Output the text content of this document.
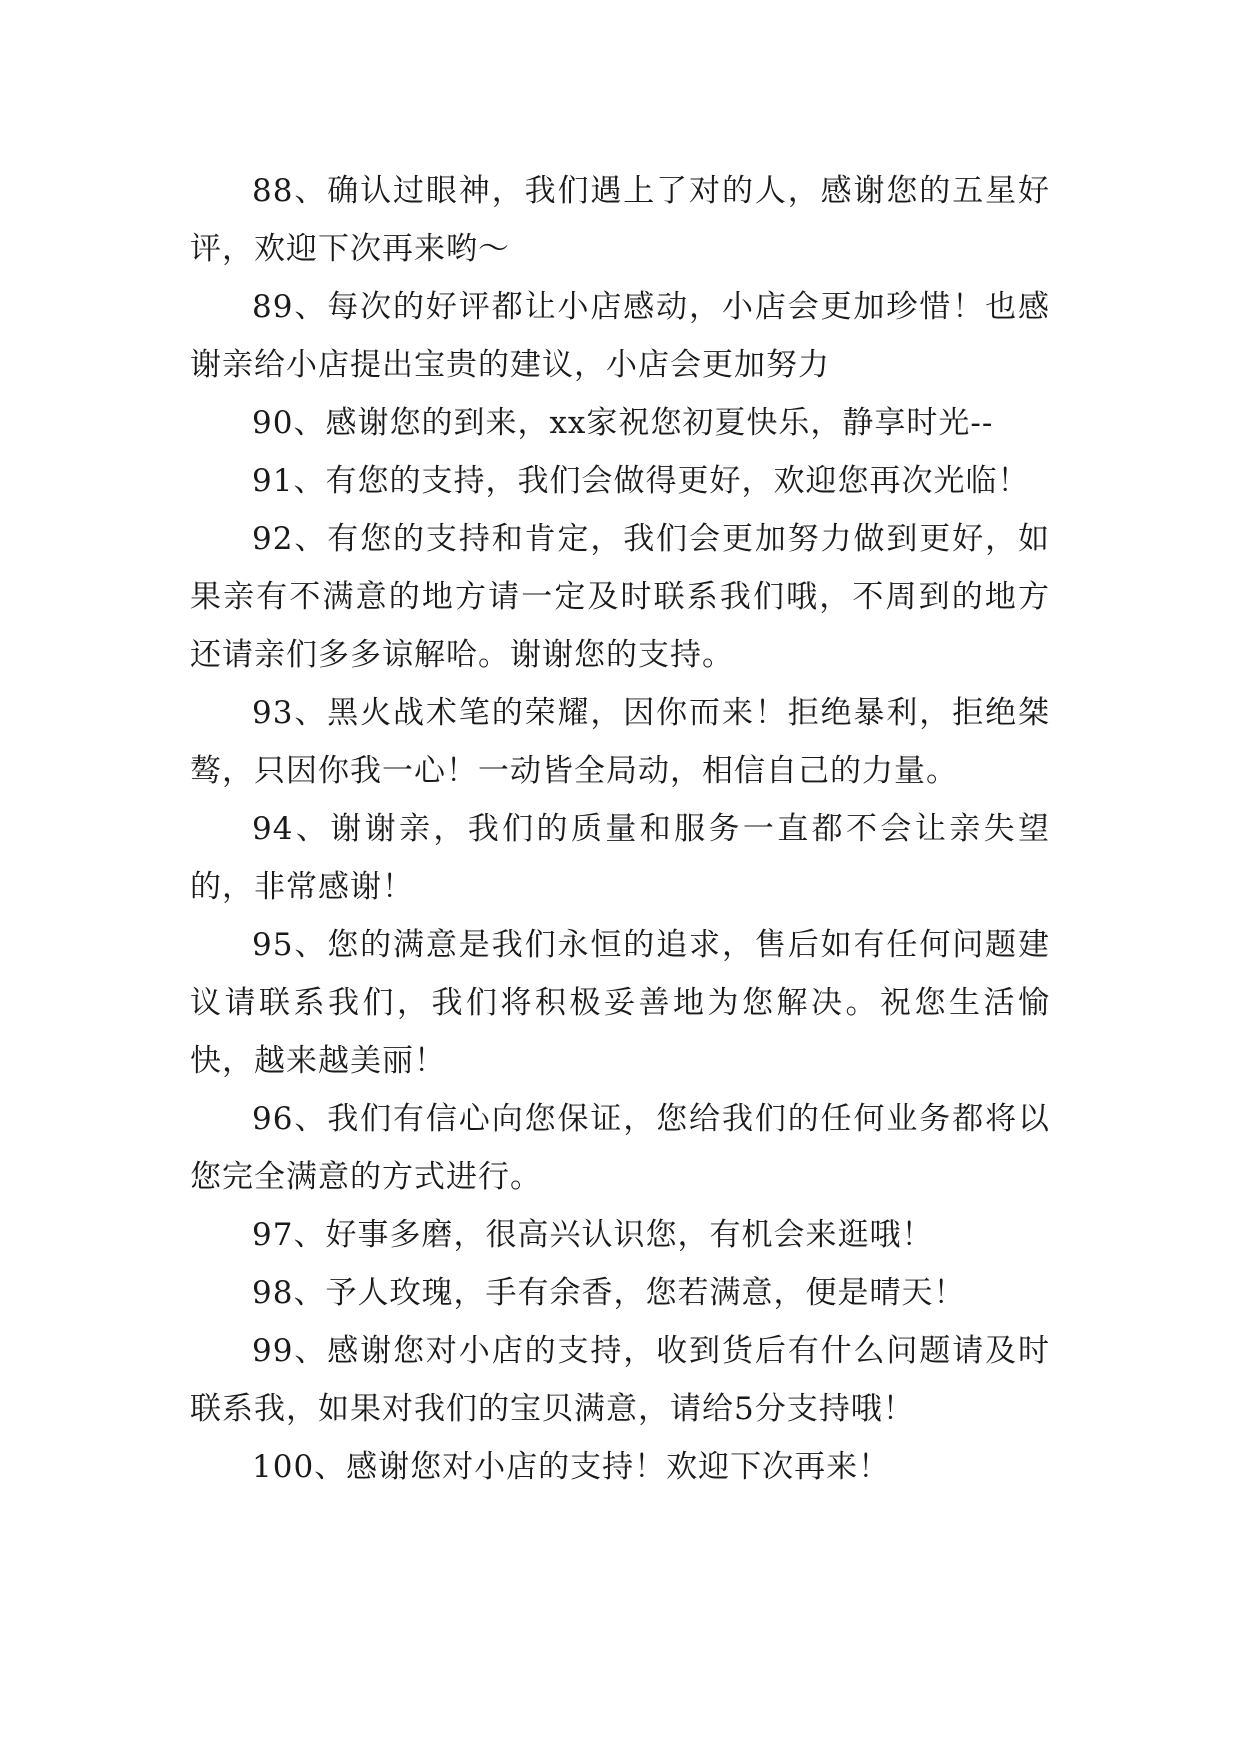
88、确认过眼神，我们遇上了对的人，感谢您的五星好评，欢迎下次再来哟～

89、每次的好评都让小店感动，小店会更加珍惜！也感谢亲给小店提出宝贵的建议，小店会更加努力

90、感谢您的到来，xx家祝您初夏快乐，静享时光--

91、有您的支持，我们会做得更好，欢迎您再次光临！

92、有您的支持和肯定，我们会更加努力做到更好，如果亲有不满意的地方请一定及时联系我们哦，不周到的地方还请亲们多多谅解哈。谢谢您的支持。

93、黑火战术笔的荣耀，因你而来！拒绝暴利，拒绝桀骜，只因你我一心！一动皆全局动，相信自己的力量。

94、谢谢亲，我们的质量和服务一直都不会让亲失望的，非常感谢！

95、您的满意是我们永恒的追求，售后如有任何问题建议请联系我们，我们将积极妥善地为您解决。祝您生活愉快，越来越美丽！

96、我们有信心向您保证，您给我们的任何业务都将以您完全满意的方式进行。

97、好事多磨，很高兴认识您，有机会来逛哦！

98、予人玫瑰，手有余香，您若满意，便是晴天！

99、感谢您对小店的支持，收到货后有什么问题请及时联系我，如果对我们的宝贝满意，请给5分支持哦！

100、感谢您对小店的支持！欢迎下次再来！
